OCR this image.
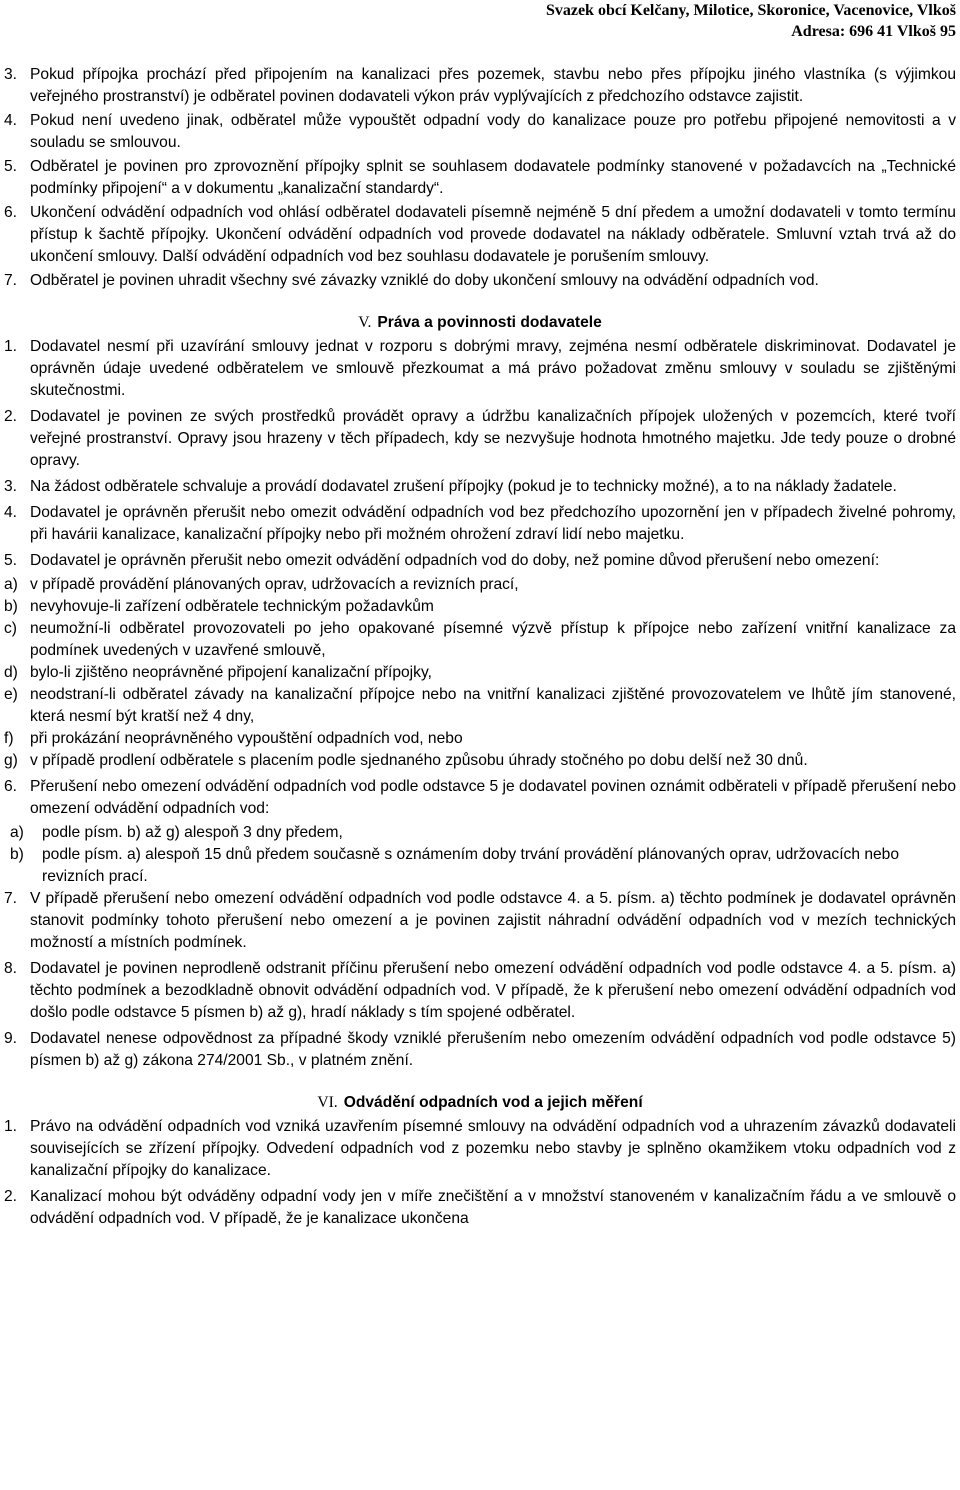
Svazek obcí Kelčany, Milotice, Skoronice, Vacenovice, Vlkoš
Adresa: 696 41 Vlkoš 95
3. Pokud přípojka prochází před připojením na kanalizaci přes pozemek, stavbu nebo přes přípojku jiného vlastníka (s výjimkou veřejného prostranství) je odběratel povinen dodavateli výkon práv vyplývajících z předchozího odstavce zajistit.
4. Pokud není uvedeno jinak, odběratel může vypouštět odpadní vody do kanalizace pouze pro potřebu připojené nemovitosti a v souladu se smlouvou.
5. Odběratel je povinen pro zprovoznění přípojky splnit se souhlasem dodavatele podmínky stanovené v požadavcích na „Technické podmínky připojení“ a v dokumentu „kanalizační standardy“.
6. Ukončení odvádění odpadních vod ohlásí odběratel dodavateli písemně nejméně 5 dní předem a umožní dodavateli v tomto termínu přístup k šachtě přípojky. Ukončení odvádění odpadních vod provede dodavatel na náklady odběratele. Smluvní vztah trvá až do ukončení smlouvy. Další odvádění odpadních vod bez souhlasu dodavatele je porušením smlouvy.
7. Odběratel je povinen uhradit všechny své závazky vzniklé do doby ukončení smlouvy na odvádění odpadních vod.
V. Práva a povinnosti dodavatele
1. Dodavatel nesmí při uzavírání smlouvy jednat v rozporu s dobrými mravy, zejména nesmí odběratele diskriminovat. Dodavatel je oprávněn údaje uvedené odběratelem ve smlouvě přezkoumat a má právo požadovat změnu smlouvy v souladu se zjištěnými skutečnostmi.
2. Dodavatel je povinen ze svých prostředků provádět opravy a údržbu kanalizačních přípojek uložených v pozemcích, které tvoří veřejné prostranství. Opravy jsou hrazeny v těch případech, kdy se nezvyšuje hodnota hmotného majetku. Jde tedy pouze o drobné opravy.
3. Na žádost odběratele schvaluje a provádí dodavatel zrušení přípojky (pokud je to technicky možné), a to na náklady žadatele.
4. Dodavatel je oprávněn přerušit nebo omezit odvádění odpadních vod bez předchozího upozornění jen v případech živelné pohromy, při havárii kanalizace, kanalizační přípojky nebo při možném ohrožení zdraví lidí nebo majetku.
5. Dodavatel je oprávněn přerušit nebo omezit odvádění odpadních vod do doby, než pomine důvod přerušení nebo omezení:
a) v případě provádění plánovaných oprav, udržovacích a revizních prací,
b) nevyhovuje-li zařízení odběratele technickým požadavkům
c) neumožní-li odběratel provozovateli po jeho opakované písemné výzvě přístup k přípojce nebo zařízení vnitřní kanalizace za podmínek uvedených v uzavřené smlouvě,
d) bylo-li zjištěno neoprávněné připojení kanalizační přípojky,
e) neodstraní-li odběratel závady na kanalizační přípojce nebo na vnitřní kanalizaci zjištěné provozovatelem ve lhůtě jím stanovené, která nesmí být kratší než 4 dny,
f)	při prokázání neoprávněného vypouštění odpadních vod, nebo
g) v případě prodlení odběratele s placením podle sjednaného způsobu úhrady stočného po dobu delší než 30 dnů.
6. Přerušení nebo omezení odvádění odpadních vod podle odstavce 5 je dodavatel povinen oznámit odběrateli v případě přerušení nebo omezení odvádění odpadních vod:
a)	podle písm. b) až g) alespoň 3 dny předem,
b)	podle písm. a) alespoň 15 dnů předem současně s oznámením doby trvání provádění plánovaných oprav, udržovacích nebo revizních prací.
7. V případě přerušení nebo omezení odvádění odpadních vod podle odstavce 4. a 5. písm. a) těchto podmínek je dodavatel oprávněn stanovit podmínky tohoto přerušení nebo omezení a je povinen zajistit náhradní odvádění odpadních vod v mezích technických možností a místních podmínek.
8. Dodavatel je povinen neprodleně odstranit příčinu přerušení nebo omezení odvádění odpadních vod podle odstavce 4. a 5. písm. a) těchto podmínek a bezodkladně obnovit odvádění odpadních vod. V případě, že k přerušení nebo omezení odvádění odpadních vod došlo podle odstavce 5 písmen b) až g), hradí náklady s tím spojené odběratel.
9. Dodavatel nenese odpovědnost za případné škody vzniklé přerušením nebo omezením odvádění odpadních vod podle odstavce 5) písmen b) až g) zákona 274/2001 Sb., v platném znění.
VI. Odvádění odpadních vod a jejich měření
1. Právo na odvádění odpadních vod vzniká uzavřením písemné smlouvy na odvádění odpadních vod a uhrazením závazků dodavateli souvisejících se zřízení přípojky. Odvedení odpadních vod z pozemku nebo stavby je splněno okamžikem vtoku odpadních vod z kanalizační přípojky do kanalizace.
2. Kanalizací mohou být odváděny odpadní vody jen v míře znečištění a v množství stanoveném v kanalizačním řádu a ve smlouvě o odvádění odpadních vod. V případě, že je kanalizace ukončena
